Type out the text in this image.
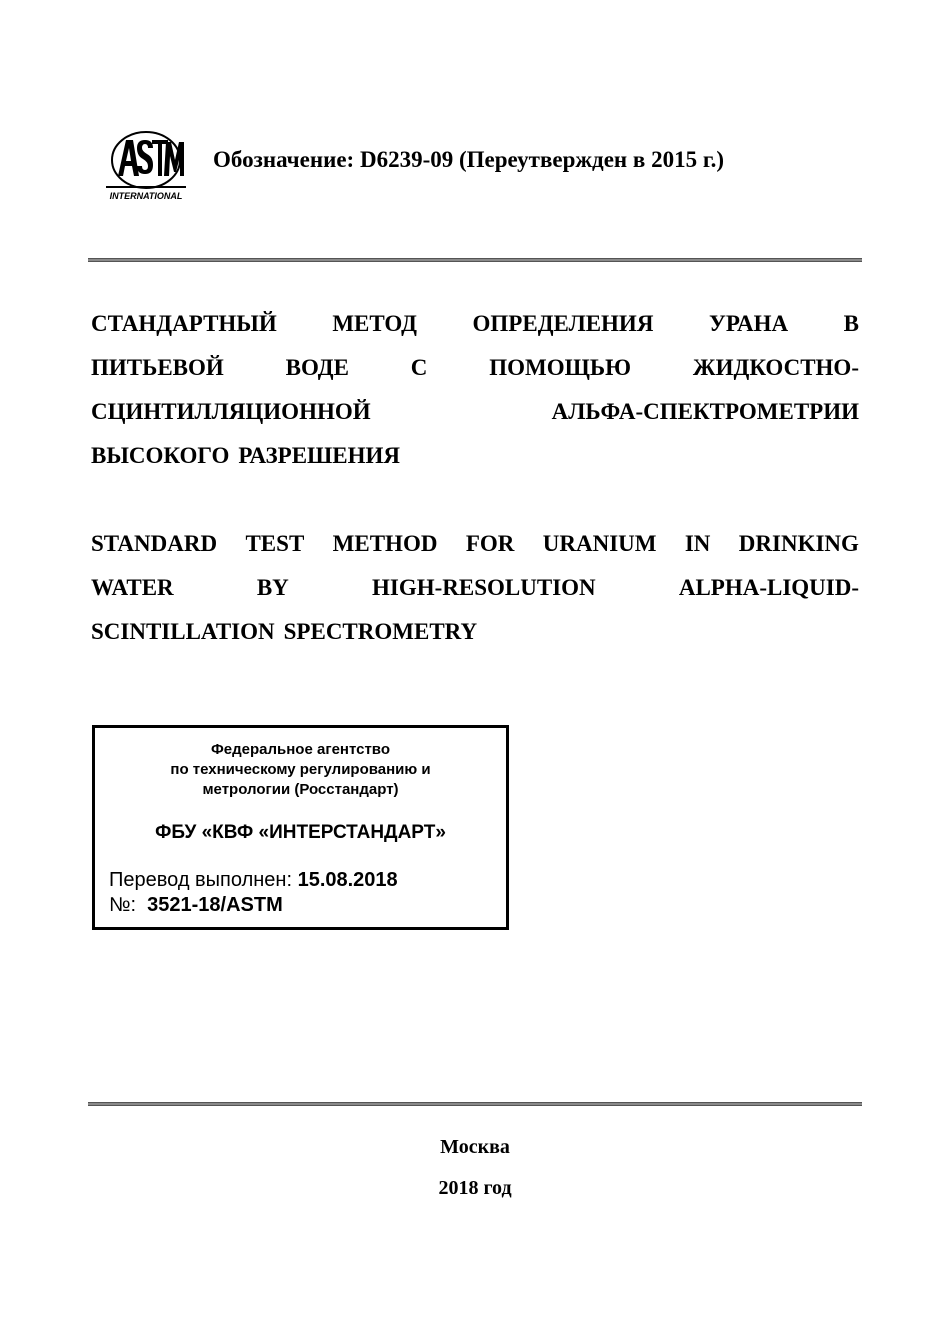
INTERNATIONAL
Обозначение: D6239-09 (Переутвержден в 2015 г.)
СТАНДАРТНЫЙ МЕТОД ОПРЕДЕЛЕНИЯ УРАНА В
ПИТЬЕВОЙ	ВОДЕ	С	ПОМОЩЬЮ	ЖИДКОСТНО-
СЦИНТИЛЛЯЦИОННОЙ	АЛЬФА-СПЕКТРОМЕТРИИ
ВЫСОКОГО РАЗРЕШЕНИЯ
STANDARD TEST METHOD FOR URANIUM IN DRINKING
WATER	BY	HIGH-RESOLUTION	ALPHA-LIQUID-
SCINTILLATION SPECTROMETRY
Федеральное агентство
по техническому регулированию и
метрологии (Росстандарт)
ФБУ «КВФ «ИНТЕРСТАНДАРТ»
Перевод выполнен: 15.08.2018
№: 3521-18/ASTM
Москва
2018 год
